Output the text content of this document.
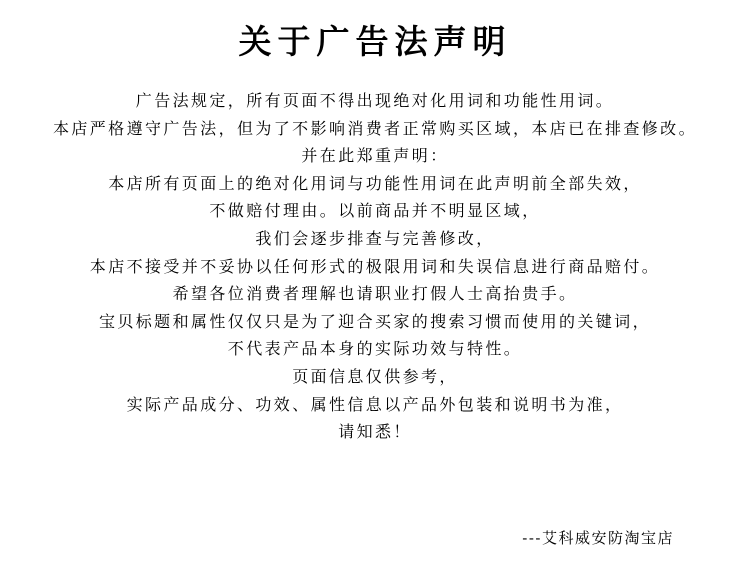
关于广告法声明
广告法规定，所有页面不得出现绝对化用词和功能性用词。
本店严格遵守广告法，但为了不影响消费者正常购买区域，本店已在排查修改。
并在此郑重声明：
本店所有页面上的绝对化用词与功能性用词在此声明前全部失效，
不做赔付理由。以前商品并不明显区域，
我们会逐步排查与完善修改，
本店不接受并不妥协以任何形式的极限用词和失误信息进行商品赔付。
希望各位消费者理解也请职业打假人士高抬贵手。
宝贝标题和属性仅仅只是为了迎合买家的搜索习惯而使用的关键词，
不代表产品本身的实际功效与特性。
页面信息仅供参考，
实际产品成分、功效、属性信息以产品外包装和说明书为准，
请知悉！
---艾科威安防淘宝店
